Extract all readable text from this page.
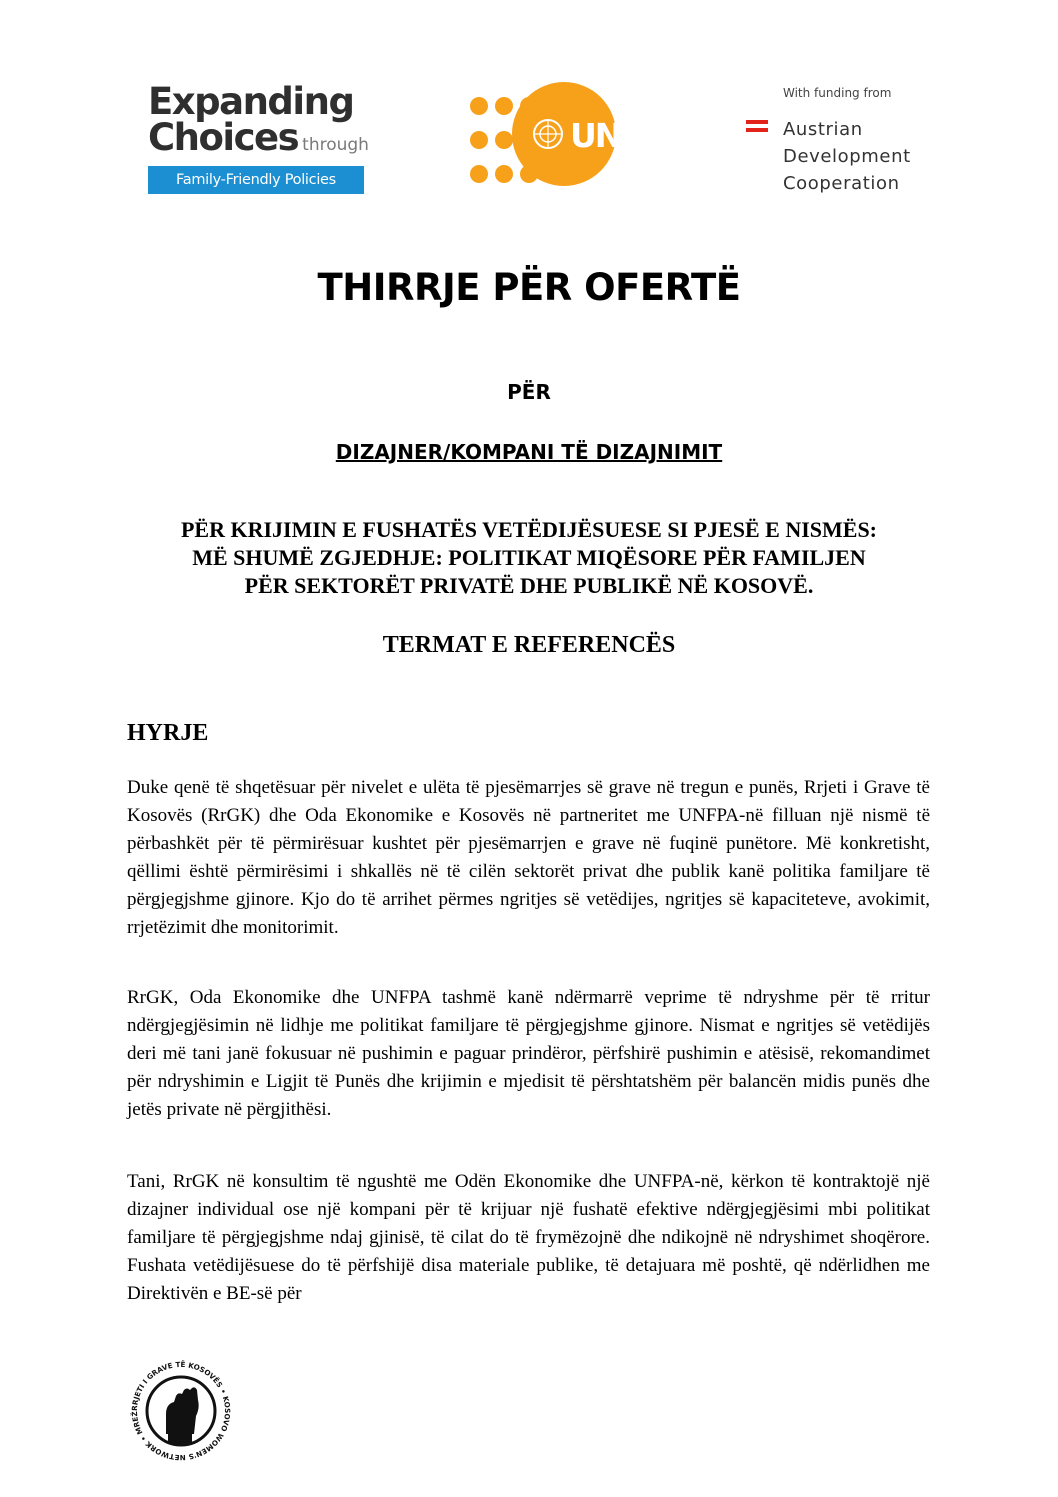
Expanding
Choices through
Family-Friendly Policies
UNFPA
With funding from
Austrian
Development
Cooperation
THIRRJE PËR OFERTË
PËR
DIZAJNER/KOMPANI TË DIZAJNIMIT
PËR KRIJIMIN E FUSHATËS VETËDIJËSUESE SI PJESË E NISMËS:
MË SHUMË ZGJEDHJE: POLITIKAT MIQËSORE PËR FAMILJEN
PËR SEKTORËT PRIVATË DHE PUBLIKË NË KOSOVË.
TERMAT E REFERENCËS
HYRJE

Duke qenë të shqetësuar për nivelet e ulëta të pjesëmarrjes së grave në tregun e punës, Rrjeti i Grave të Kosovës (RrGK) dhe Oda Ekonomike e Kosovës në partneritet me UNFPA-në filluan një nismë të përbashkët për të përmirësuar kushtet për pjesëmarrjen e grave në fuqinë punëtore. Më konkretisht, qëllimi është përmirësimi i shkallës në të cilën sektorët privat dhe publik kanë politika familjare të përgjegjshme gjinore. Kjo do të arrihet përmes ngritjes së vetëdijes, ngritjes së kapaciteteve, avokimit, rrjetëzimit dhe monitorimit.

RrGK, Oda Ekonomike dhe UNFPA tashmë kanë ndërmarrë veprime të ndryshme për të rritur ndërgjegjësimin në lidhje me politikat familjare të përgjegjshme gjinore. Nismat e ngritjes së vetëdijës deri më tani janë fokusuar në pushimin e paguar prindëror, përfshirë pushimin e atësisë, rekomandimet për ndryshimin e Ligjit të Punës dhe krijimin e mjedisit të përshtatshëm për balancën midis punës dhe jetës private në përgjithësi.

Tani, RrGK në konsultim të ngushtë me Odën Ekonomike dhe UNFPA-në, kërkon të kontraktojë një dizajner individual ose një kompani për të krijuar një fushatë efektive ndërgjegjësimi mbi politikat familjare të përgjegjshme ndaj gjinisë, të cilat do të frymëzojnë dhe ndikojnë në ndryshimet shoqërore. Fushata vetëdijësuese do të përfshijë disa materiale publike, të detajuara më poshtë, që ndërlidhen me Direktivën e BE-së për

RRJETI I GRAVE TË KOSOVËS • KOSOVO WOMEN'S NETWORK • MREŽ
